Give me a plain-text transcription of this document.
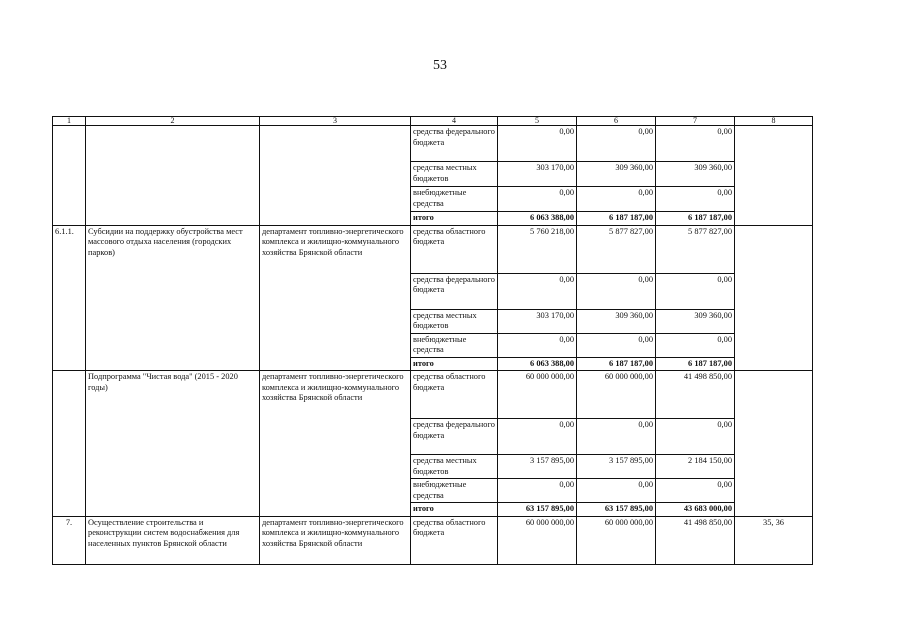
53
1	2	3	4	5	6	7	8
			средства федерального бюджета	0,00	0,00	0,00	
			средства местных бюджетов	303 170,00	309 360,00	309 360,00	
			внебюджетные средства	0,00	0,00	0,00	
			итого	6 063 388,00	6 187 187,00	6 187 187,00	
6.1.1.	Субсидии на поддержку обустройства мест массового отдыха населения (городских парков)	департамент топливно-энергетического комплекса и жилищно-коммунального хозяйства Брянской области	средства областного бюджета	5 760 218,00	5 877 827,00	5 877 827,00	
			средства федерального бюджета	0,00	0,00	0,00	
			средства местных бюджетов	303 170,00	309 360,00	309 360,00	
			внебюджетные средства	0,00	0,00	0,00	
			итого	6 063 388,00	6 187 187,00	6 187 187,00	
	Подпрограмма "Чистая вода" (2015 - 2020 годы)	департамент топливно-энергетического комплекса и жилищно-коммунального хозяйства Брянской области	средства областного бюджета	60 000 000,00	60 000 000,00	41 498 850,00	
			средства федерального бюджета	0,00	0,00	0,00	
			средства местных бюджетов	3 157 895,00	3 157 895,00	2 184 150,00	
			внебюджетные средства	0,00	0,00	0,00	
			итого	63 157 895,00	63 157 895,00	43 683 000,00	
7.	Осуществление строительства и реконструкции систем водоснабжения для населенных пунктов Брянской области	департамент топливно-энергетического комплекса и жилищно-коммунального хозяйства Брянской области	средства областного бюджета	60 000 000,00	60 000 000,00	41 498 850,00	35, 36
